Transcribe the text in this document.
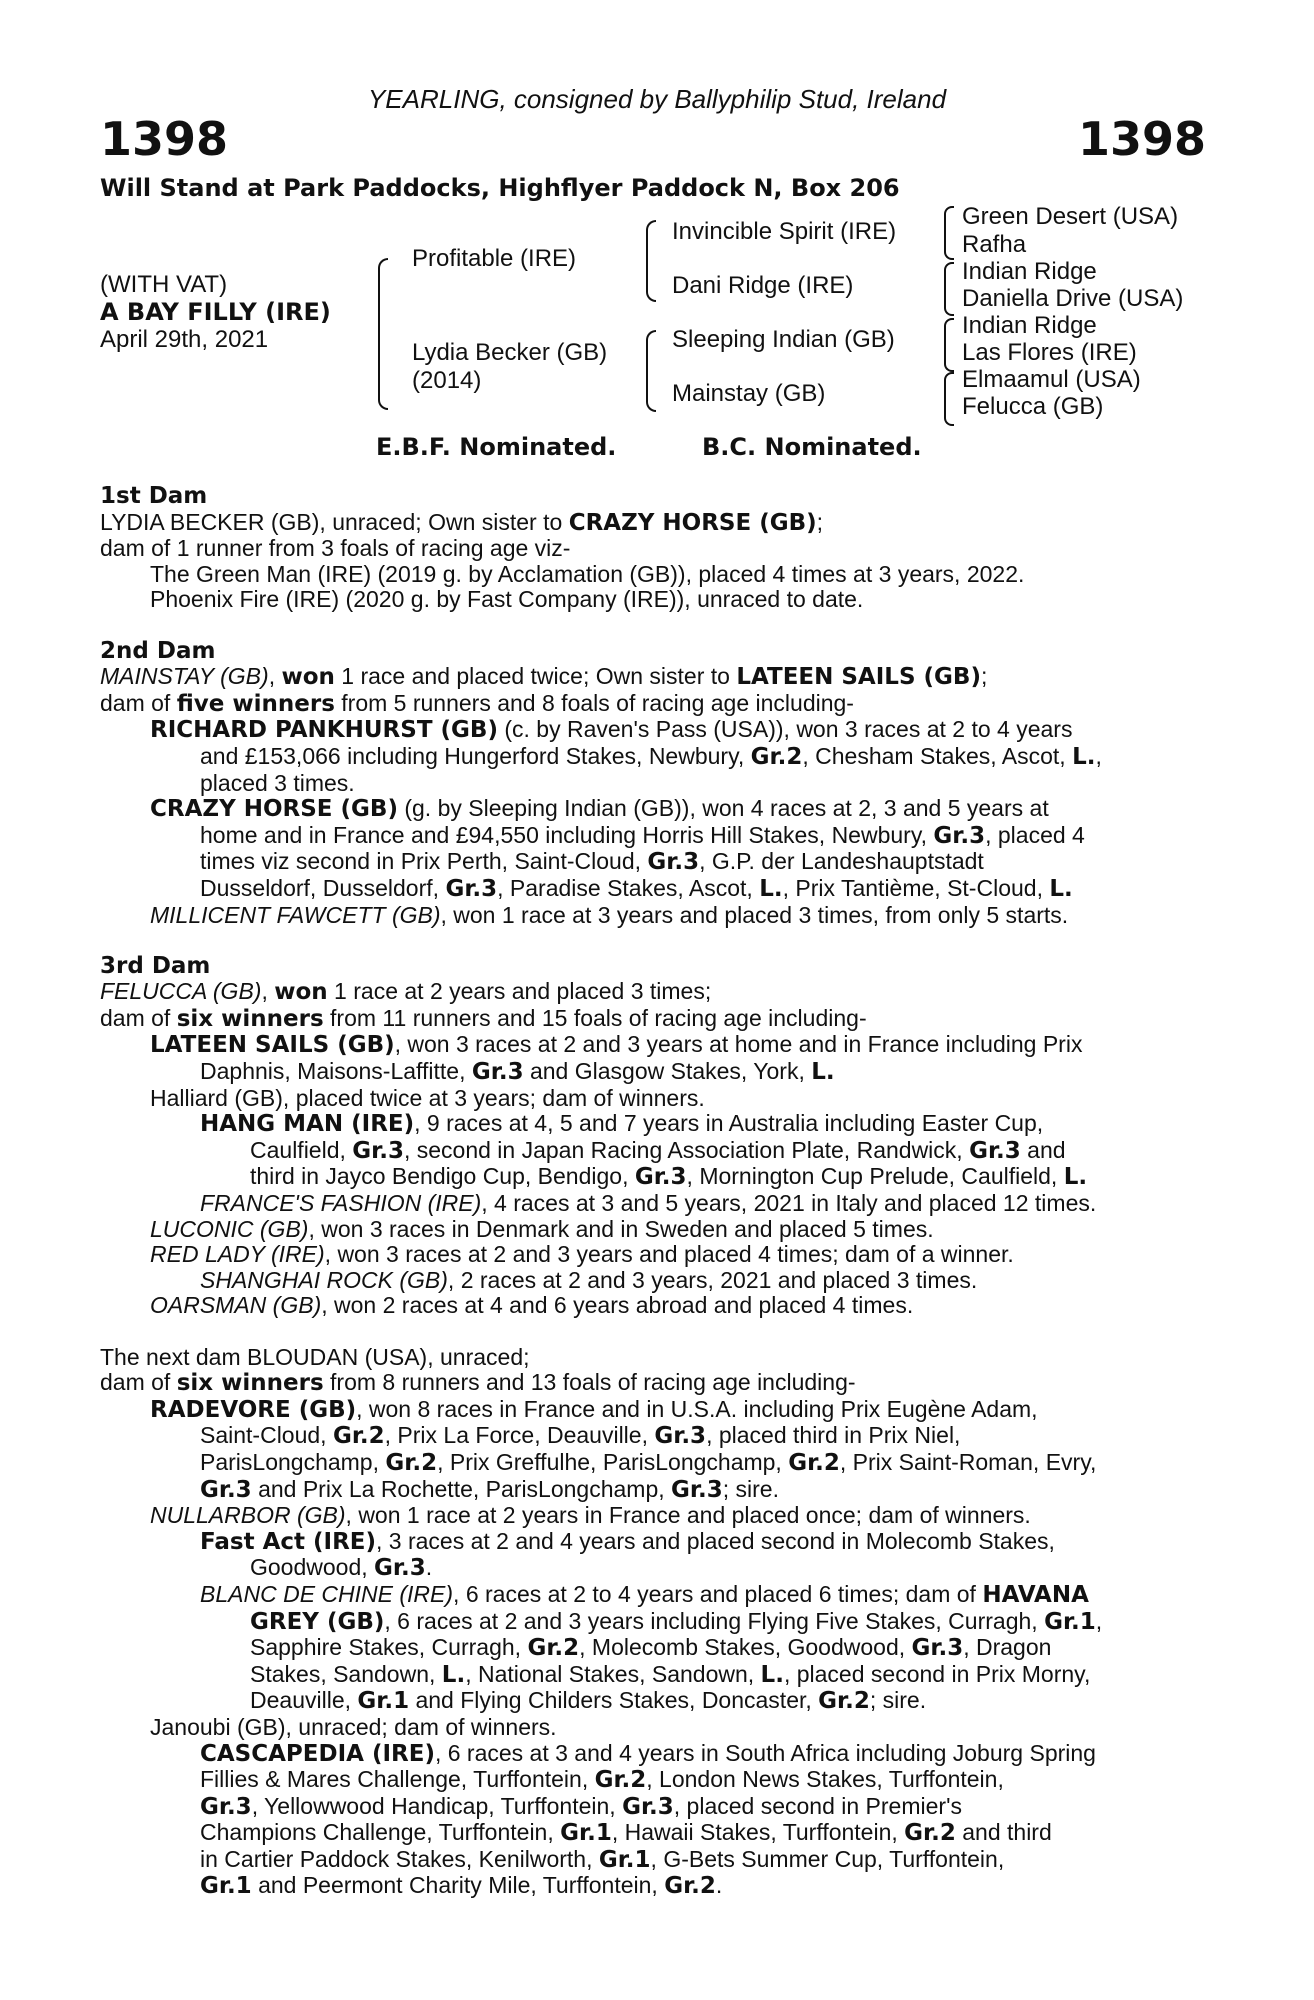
YEARLING, consigned by Ballyphilip Stud, Ireland
1398	1398
Will Stand at Park Paddocks, Highflyer Paddock N, Box 206
(WITH VAT)
A BAY FILLY (IRE)
April 29th, 2021
Profitable (IRE)
Lydia Becker (GB)
(2014)
Invincible Spirit (IRE)
Dani Ridge (IRE)
Sleeping Indian (GB)
Mainstay (GB)
Green Desert (USA)
Rafha
Indian Ridge
Daniella Drive (USA)
Indian Ridge
Las Flores (IRE)
Elmaamul (USA)
Felucca (GB)
E.B.F. Nominated.	B.C. Nominated.
1st Dam
LYDIA BECKER (GB), unraced; Own sister to CRAZY HORSE (GB);
dam of 1 runner from 3 foals of racing age viz-
The Green Man (IRE) (2019 g. by Acclamation (GB)), placed 4 times at 3 years, 2022.
Phoenix Fire (IRE) (2020 g. by Fast Company (IRE)), unraced to date.
2nd Dam
MAINSTAY (GB), won 1 race and placed twice; Own sister to LATEEN SAILS (GB);
dam of five winners from 5 runners and 8 foals of racing age including-
RICHARD PANKHURST (GB) (c. by Raven's Pass (USA)), won 3 races at 2 to 4 years
and £153,066 including Hungerford Stakes, Newbury, Gr.2, Chesham Stakes, Ascot, L.,
placed 3 times.
CRAZY HORSE (GB) (g. by Sleeping Indian (GB)), won 4 races at 2, 3 and 5 years at
home and in France and £94,550 including Horris Hill Stakes, Newbury, Gr.3, placed 4
times viz second in Prix Perth, Saint-Cloud, Gr.3, G.P. der Landeshauptstadt
Dusseldorf, Dusseldorf, Gr.3, Paradise Stakes, Ascot, L., Prix Tantième, St-Cloud, L.
MILLICENT FAWCETT (GB), won 1 race at 3 years and placed 3 times, from only 5 starts.
3rd Dam
FELUCCA (GB), won 1 race at 2 years and placed 3 times;
dam of six winners from 11 runners and 15 foals of racing age including-
LATEEN SAILS (GB), won 3 races at 2 and 3 years at home and in France including Prix
Daphnis, Maisons-Laffitte, Gr.3 and Glasgow Stakes, York, L.
Halliard (GB), placed twice at 3 years; dam of winners.
HANG MAN (IRE), 9 races at 4, 5 and 7 years in Australia including Easter Cup,
Caulfield, Gr.3, second in Japan Racing Association Plate, Randwick, Gr.3 and
third in Jayco Bendigo Cup, Bendigo, Gr.3, Mornington Cup Prelude, Caulfield, L.
FRANCE'S FASHION (IRE), 4 races at 3 and 5 years, 2021 in Italy and placed 12 times.
LUCONIC (GB), won 3 races in Denmark and in Sweden and placed 5 times.
RED LADY (IRE), won 3 races at 2 and 3 years and placed 4 times; dam of a winner.
SHANGHAI ROCK (GB), 2 races at 2 and 3 years, 2021 and placed 3 times.
OARSMAN (GB), won 2 races at 4 and 6 years abroad and placed 4 times.
The next dam BLOUDAN (USA), unraced;
dam of six winners from 8 runners and 13 foals of racing age including-
RADEVORE (GB), won 8 races in France and in U.S.A. including Prix Eugène Adam,
Saint-Cloud, Gr.2, Prix La Force, Deauville, Gr.3, placed third in Prix Niel,
ParisLongchamp, Gr.2, Prix Greffulhe, ParisLongchamp, Gr.2, Prix Saint-Roman, Evry,
Gr.3 and Prix La Rochette, ParisLongchamp, Gr.3; sire.
NULLARBOR (GB), won 1 race at 2 years in France and placed once; dam of winners.
Fast Act (IRE), 3 races at 2 and 4 years and placed second in Molecomb Stakes,
Goodwood, Gr.3.
BLANC DE CHINE (IRE), 6 races at 2 to 4 years and placed 6 times; dam of HAVANA
GREY (GB), 6 races at 2 and 3 years including Flying Five Stakes, Curragh, Gr.1,
Sapphire Stakes, Curragh, Gr.2, Molecomb Stakes, Goodwood, Gr.3, Dragon
Stakes, Sandown, L., National Stakes, Sandown, L., placed second in Prix Morny,
Deauville, Gr.1 and Flying Childers Stakes, Doncaster, Gr.2; sire.
Janoubi (GB), unraced; dam of winners.
CASCAPEDIA (IRE), 6 races at 3 and 4 years in South Africa including Joburg Spring
Fillies & Mares Challenge, Turffontein, Gr.2, London News Stakes, Turffontein,
Gr.3, Yellowwood Handicap, Turffontein, Gr.3, placed second in Premier's
Champions Challenge, Turffontein, Gr.1, Hawaii Stakes, Turffontein, Gr.2 and third
in Cartier Paddock Stakes, Kenilworth, Gr.1, G-Bets Summer Cup, Turffontein,
Gr.1 and Peermont Charity Mile, Turffontein, Gr.2.
